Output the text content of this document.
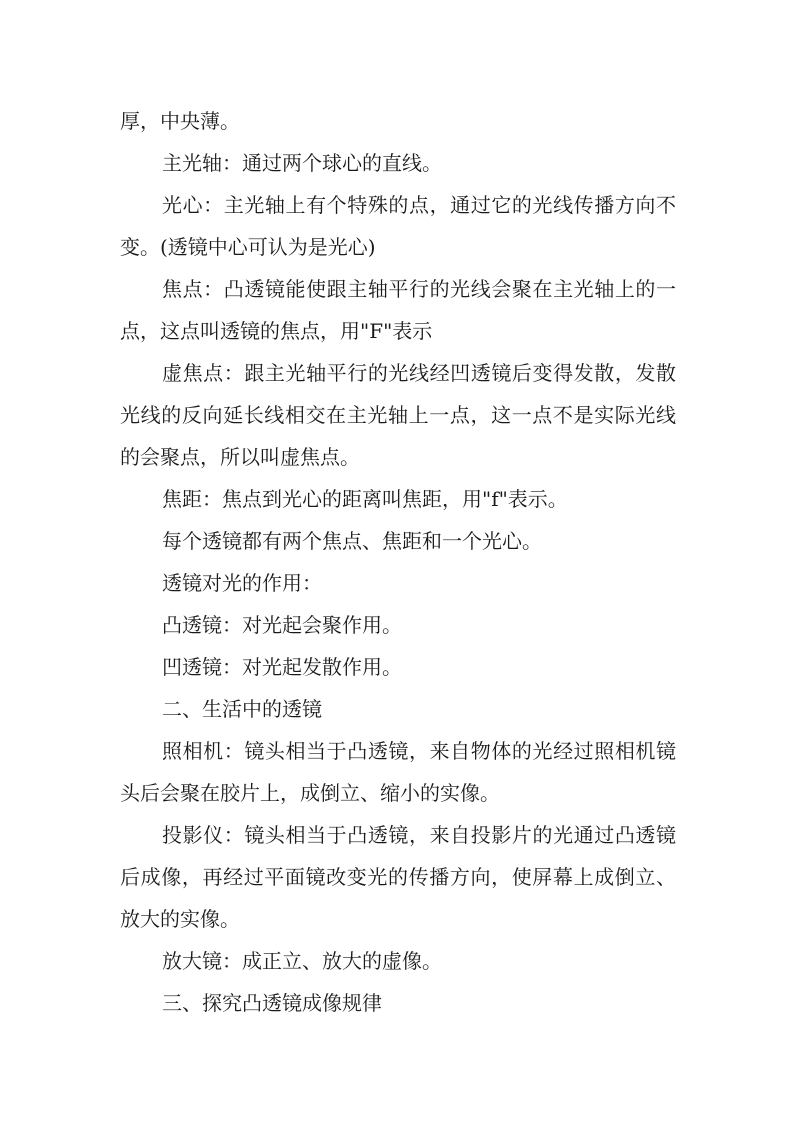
厚，中央薄。

主光轴：通过两个球心的直线。

光心：主光轴上有个特殊的点，通过它的光线传播方向不变。(透镜中心可认为是光心)

焦点：凸透镜能使跟主轴平行的光线会聚在主光轴上的一点，这点叫透镜的焦点，用"F"表示

虚焦点：跟主光轴平行的光线经凹透镜后变得发散，发散光线的反向延长线相交在主光轴上一点，这一点不是实际光线的会聚点，所以叫虚焦点。

焦距：焦点到光心的距离叫焦距，用"f"表示。

每个透镜都有两个焦点、焦距和一个光心。

透镜对光的作用：

凸透镜：对光起会聚作用。

凹透镜：对光起发散作用。

二、生活中的透镜

照相机：镜头相当于凸透镜，来自物体的光经过照相机镜头后会聚在胶片上，成倒立、缩小的实像。

投影仪：镜头相当于凸透镜，来自投影片的光通过凸透镜后成像，再经过平面镜改变光的传播方向，使屏幕上成倒立、放大的实像。

放大镜：成正立、放大的虚像。

三、探究凸透镜成像规律
